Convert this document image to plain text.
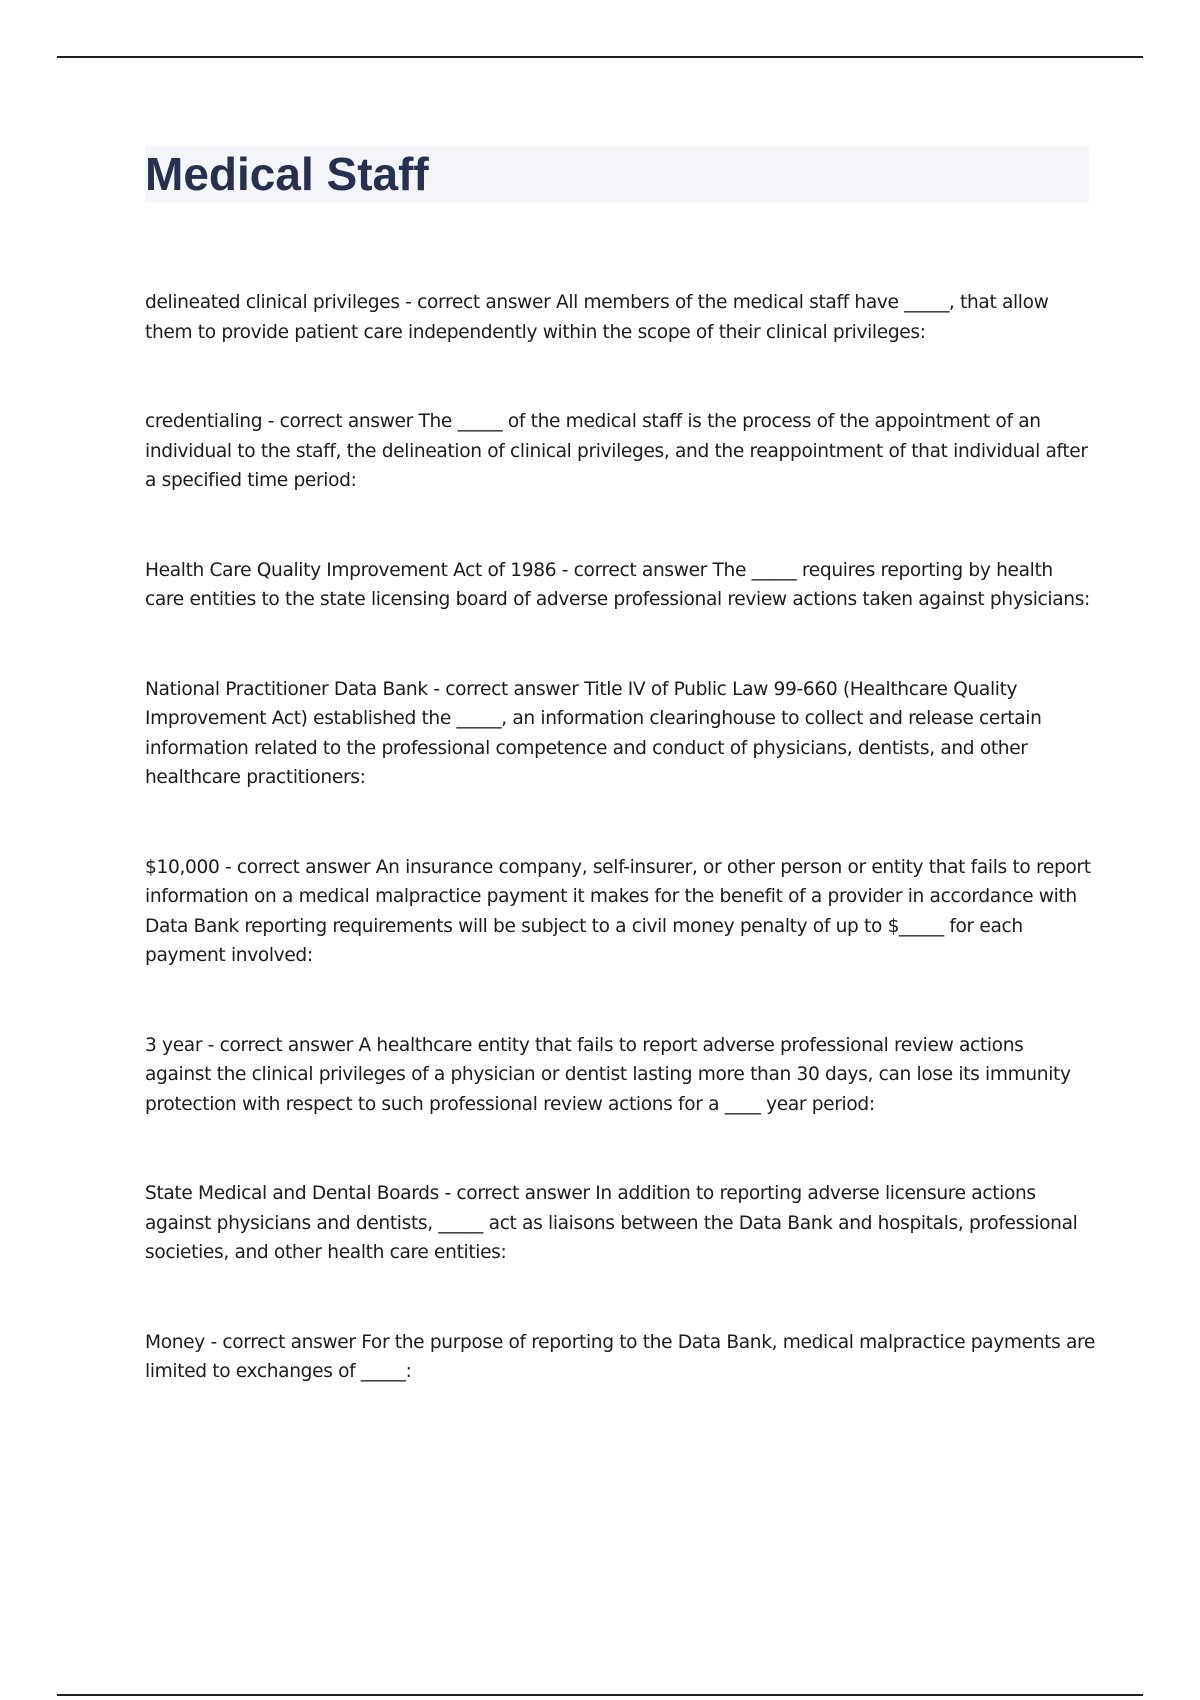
Medical Staff

delineated clinical privileges - correct answer All members of the medical staff have _____, that allow them to provide patient care independently within the scope of their clinical privileges:

credentialing - correct answer The _____ of the medical staff is the process of the appointment of an individual to the staff, the delineation of clinical privileges, and the reappointment of that individual after a specified time period:

Health Care Quality Improvement Act of 1986 - correct answer The _____ requires reporting by health care entities to the state licensing board of adverse professional review actions taken against physicians:

National Practitioner Data Bank - correct answer Title IV of Public Law 99-660 (Healthcare Quality Improvement Act) established the _____, an information clearinghouse to collect and release certain information related to the professional competence and conduct of physicians, dentists, and other healthcare practitioners:

$10,000 - correct answer An insurance company, self-insurer, or other person or entity that fails to report information on a medical malpractice payment it makes for the benefit of a provider in accordance with Data Bank reporting requirements will be subject to a civil money penalty of up to $_____ for each payment involved:

3 year - correct answer A healthcare entity that fails to report adverse professional review actions against the clinical privileges of a physician or dentist lasting more than 30 days, can lose its immunity protection with respect to such professional review actions for a ____ year period:

State Medical and Dental Boards - correct answer In addition to reporting adverse licensure actions against physicians and dentists, _____ act as liaisons between the Data Bank and hospitals, professional societies, and other health care entities:

Money - correct answer For the purpose of reporting to the Data Bank, medical malpractice payments are limited to exchanges of _____:
